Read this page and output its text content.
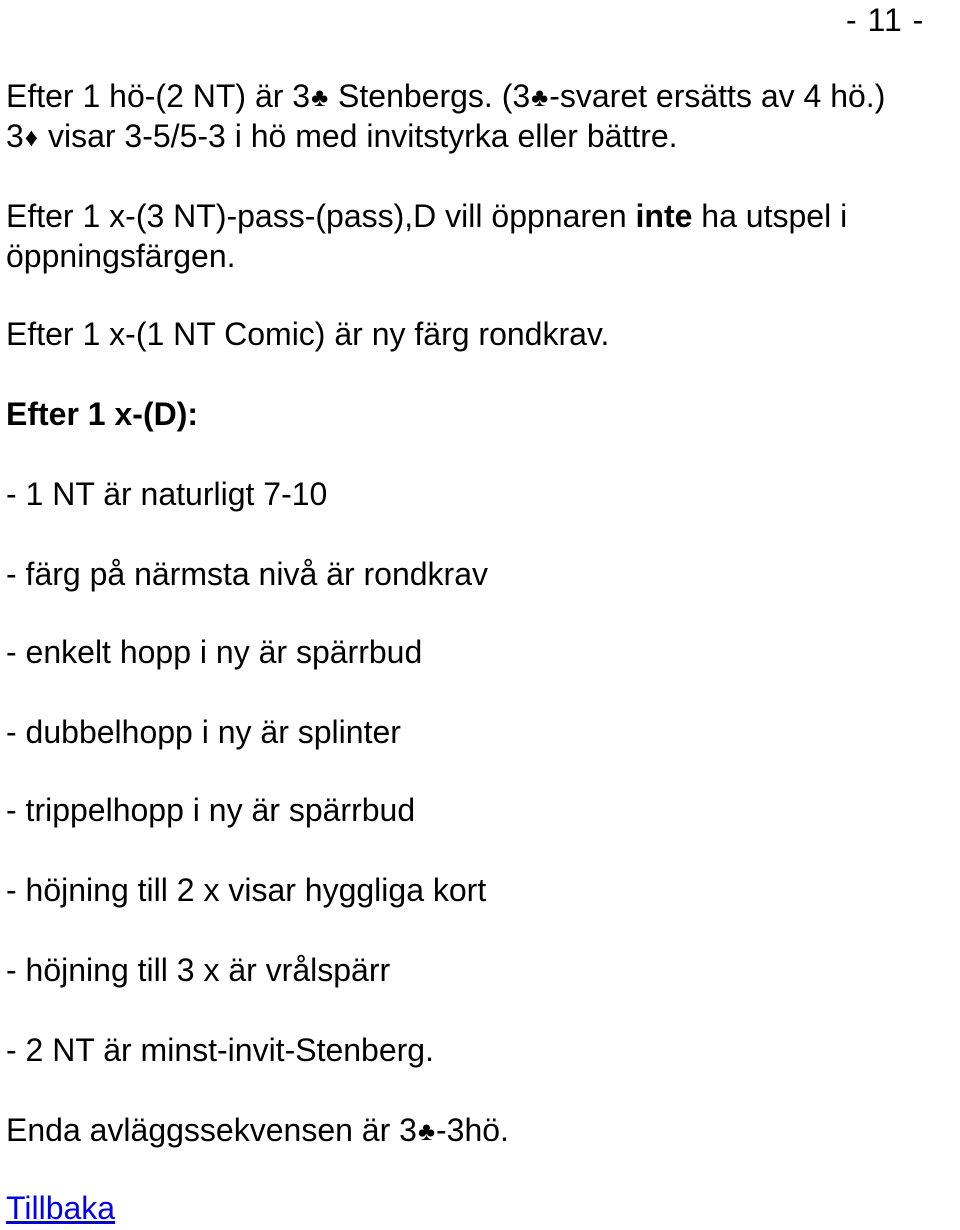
- 11 -
Efter 1 hö-(2 NT) är 3♣ Stenbergs. (3♣-svaret ersätts av 4 hö.)
3♦ visar 3-5/5-3 i hö med invitstyrka eller bättre.
Efter 1 x-(3 NT)-pass-(pass),D vill öppnaren inte ha utspel i
öppningsfärgen.
Efter 1 x-(1 NT Comic) är ny färg rondkrav.
Efter 1 x-(D):
- 1 NT är naturligt 7-10
- färg på närmsta nivå är rondkrav
- enkelt hopp i ny är spärrbud
- dubbelhopp i ny är splinter
- trippelhopp i ny är spärrbud
- höjning till 2 x visar hyggliga kort
- höjning till 3 x är vrålspärr
- 2 NT är minst-invit-Stenberg.
Enda avläggssekvensen är 3♣-3hö.
Tillbaka
